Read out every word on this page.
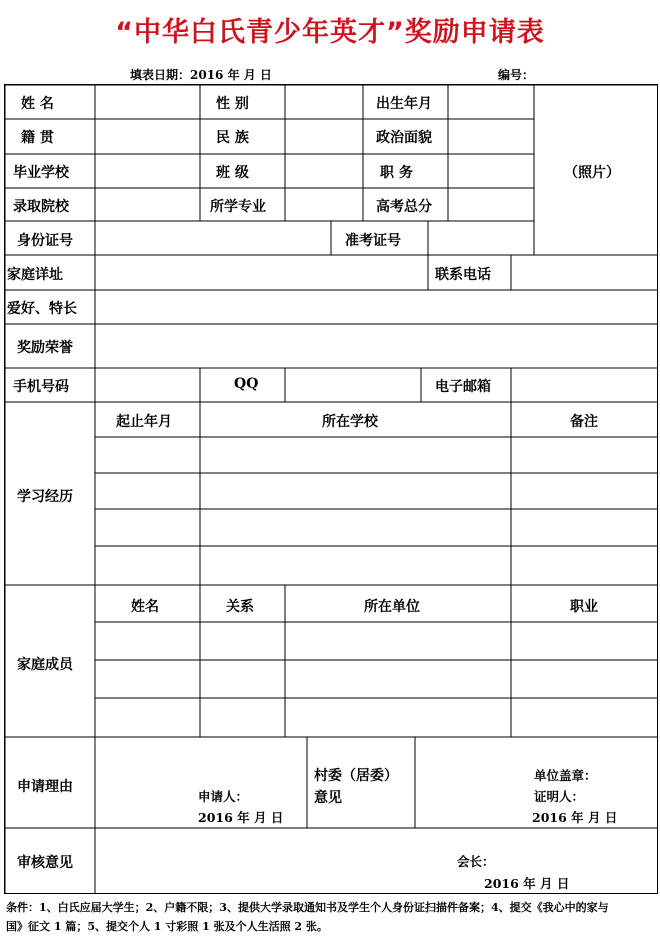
“中华白氏青少年英才”奖励申请表
填表日期：2016 年 月 日	编号：
姓 名	性 别	出生年月
籍 贯	民 族	政治面貌
毕业学校	班 级	职 务	（照片）
录取院校	所学专业	高考总分
身份证号	准考证号
家庭详址	联系电话
爱好、特长
奖励荣誉
手机号码	QQ	电子邮箱
学习经历
起止年月	所在学校	备注
家庭成员
姓名	关系	所在单位	职业
申请理由
申请人：
2016 年 月 日
村委（居委）
意见
单位盖章：
证明人：
2016 年 月 日
审核意见	会长：
2016 年 月 日
条件：1、白氏应届大学生；2、户籍不限；3、提供大学录取通知书及学生个人身份证扫描件备案；4、提交《我心中的家与
国》征文 1 篇；5、提交个人 1 寸彩照 1 张及个人生活照 2 张。
